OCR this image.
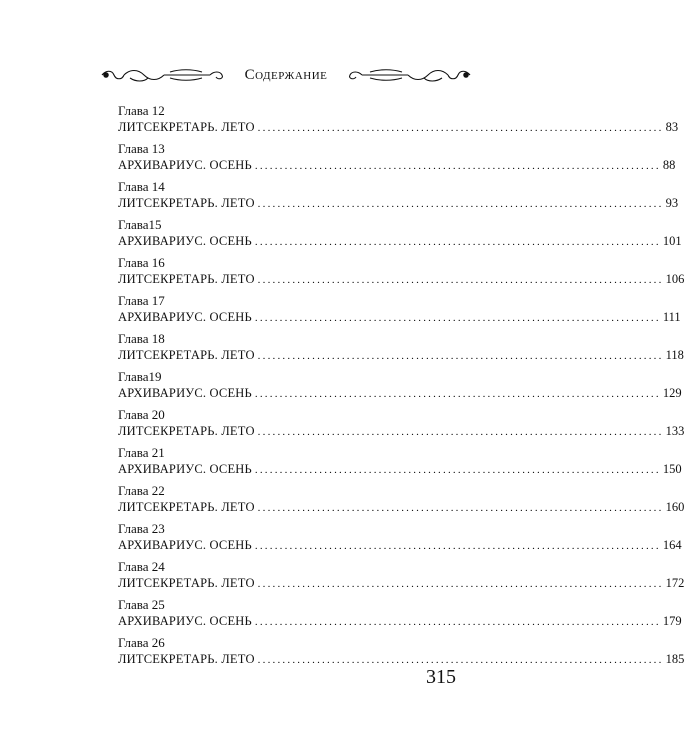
Содержание
Глава 12
ЛИТСЕКРЕТАРЬ. ЛЕТО .................................................................................. 83
Глава 13
АРХИВАРИУС. ОСЕНЬ .................................................................................. 88
Глава 14
ЛИТСЕКРЕТАРЬ. ЛЕТО .................................................................................. 93
Глава15
АРХИВАРИУС. ОСЕНЬ .................................................................................. 101
Глава 16
ЛИТСЕКРЕТАРЬ. ЛЕТО .................................................................................. 106
Глава 17
АРХИВАРИУС. ОСЕНЬ .................................................................................. 111
Глава 18
ЛИТСЕКРЕТАРЬ. ЛЕТО .................................................................................. 118
Глава19
АРХИВАРИУС. ОСЕНЬ .................................................................................. 129
Глава 20
ЛИТСЕКРЕТАРЬ. ЛЕТО .................................................................................. 133
Глава 21
АРХИВАРИУС. ОСЕНЬ .................................................................................. 150
Глава 22
ЛИТСЕКРЕТАРЬ. ЛЕТО .................................................................................. 160
Глава 23
АРХИВАРИУС. ОСЕНЬ .................................................................................. 164
Глава 24
ЛИТСЕКРЕТАРЬ. ЛЕТО .................................................................................. 172
Глава 25
АРХИВАРИУС. ОСЕНЬ .................................................................................. 179
Глава 26
ЛИТСЕКРЕТАРЬ. ЛЕТО .................................................................................. 185
315
